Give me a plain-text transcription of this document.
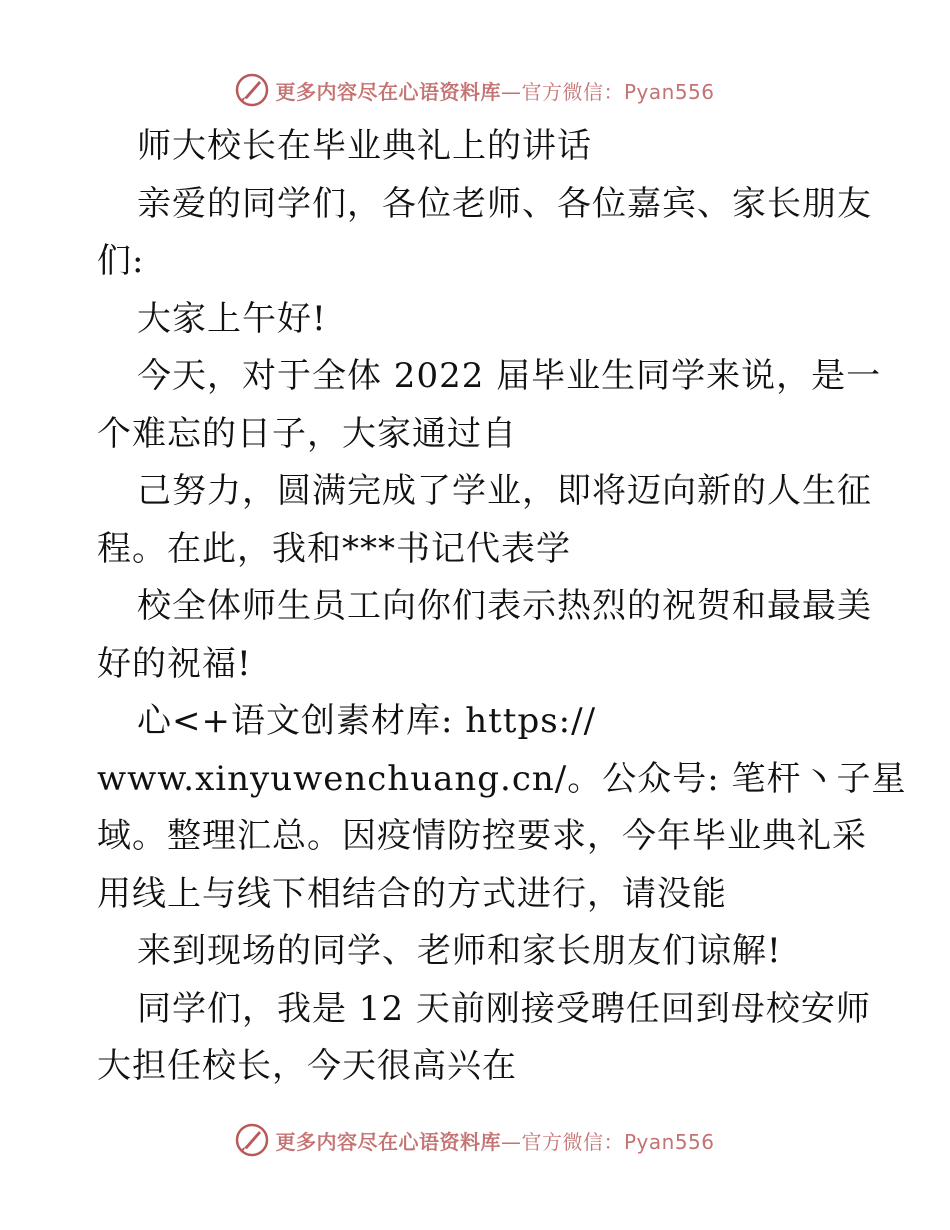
更多内容尽在心语资料库—官方微信：Pyan556
师大校长在毕业典礼上的讲话
亲爱的同学们，各位老师、各位嘉宾、家长朋友
们:
大家上午好!
今天，对于全体 2022 届毕业生同学来说，是一
个难忘的日子，大家通过自
己努力，圆满完成了学业，即将迈向新的人生征
程。在此，我和***书记代表学
校全体师生员工向你们表示热烈的祝贺和最最美
好的祝福!
心<+语文创素材库: https://
www.xinyuwenchuang.cn/。公众号: 笔杆丶子星
域。整理汇总。因疫情防控要求，今年毕业典礼采
用线上与线下相结合的方式进行，请没能
来到现场的同学、老师和家长朋友们谅解!
同学们，我是 12 天前刚接受聘任回到母校安师
大担任校长，今天很高兴在
更多内容尽在心语资料库—官方微信：Pyan556
